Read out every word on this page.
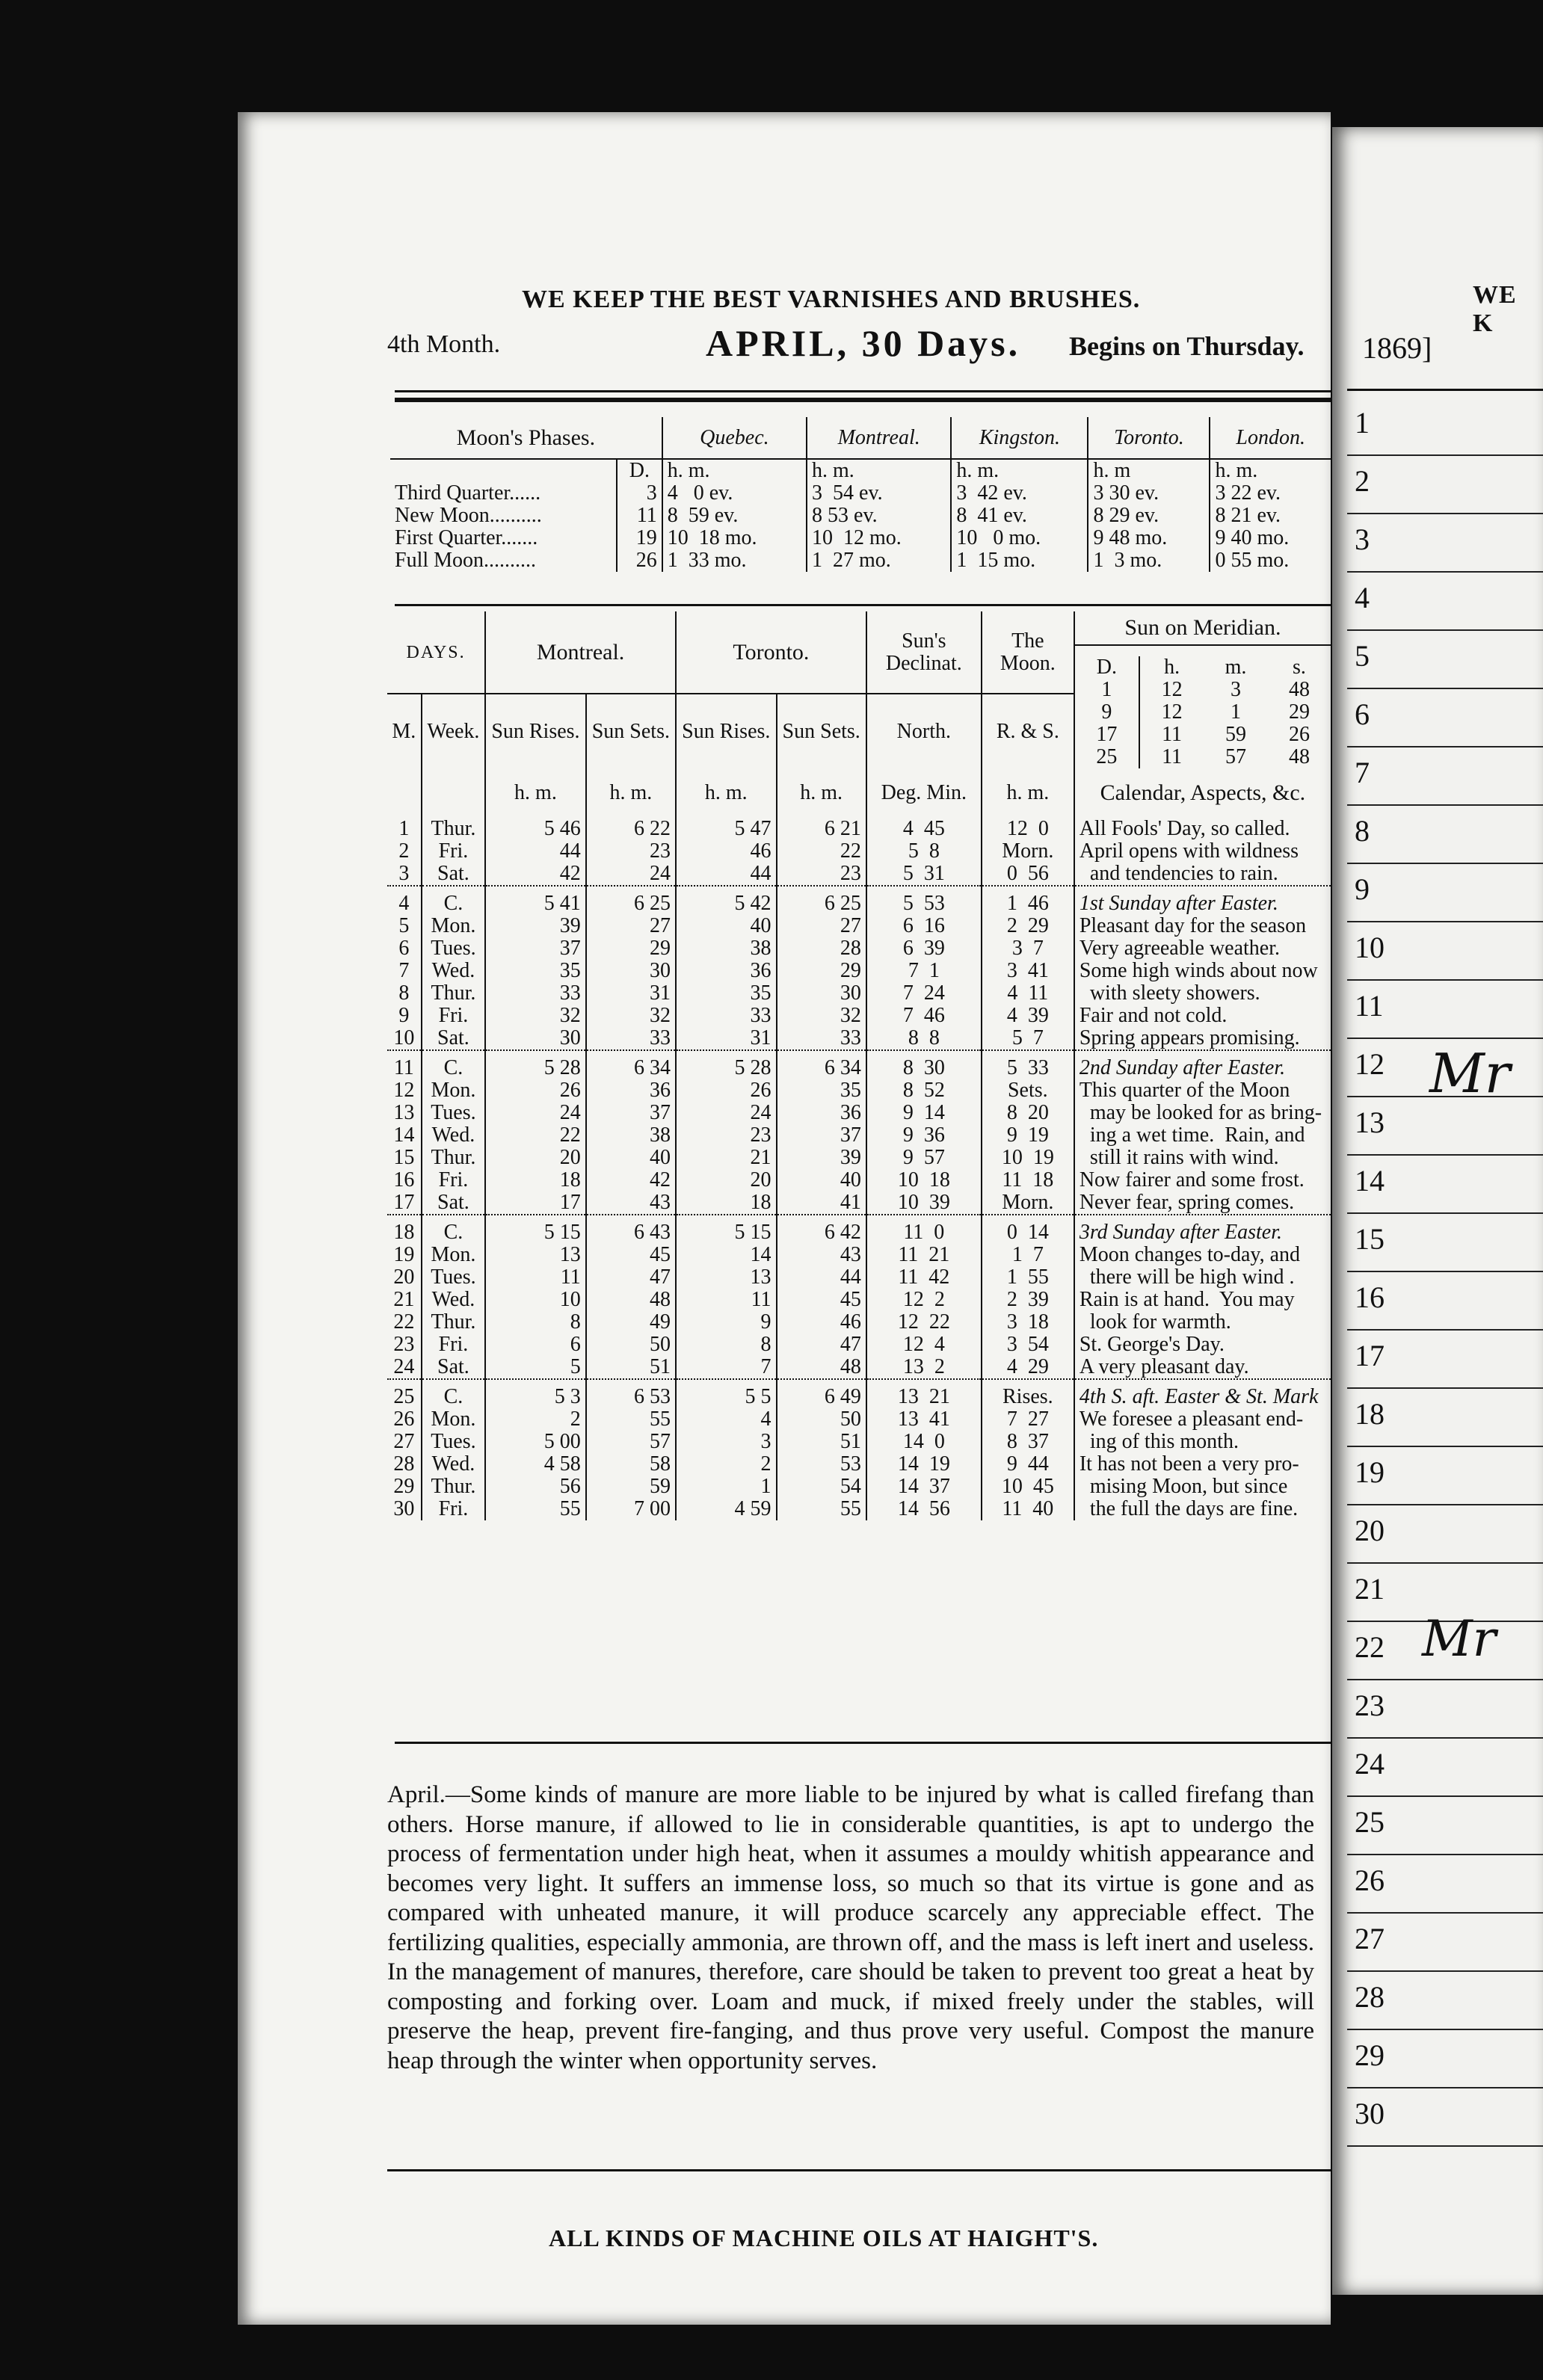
WE KEEP THE BEST VARNISHES AND BRUSHES.
4th Month.	APRIL, 30 Days. Begins on Thursday.
Moon's Phases.		Quebec.	Montreal.	Kingston.	Toronto.	London.
	D.	h. m.	h. m.	h. m.	h. m	h. m.
Third Quarter......	3	4   0 ev.	3  54 ev.	3  42 ev.	3 30 ev.	3 22 ev.
New Moon..........	11	8  59 ev.	8 53 ev.	8  41 ev.	8 29 ev.	8 21 ev.
First Quarter.......	19	10  18 mo.	10  12 mo.	10   0 mo.	9 48 mo.	9 40 mo.
Full Moon..........	26	1  33 mo.	1  27 mo.	1  15 mo.	1  3 mo.	0 55 mo.
DAYS.	Montreal.	Toronto.	Sun's Declinat.	The Moon.	
Sun on Meridian.
D.	h.	m.	s.
1	12	3	48
9	12	1	29
17	11	59	26
25	11	57	48

M.	Week.	Sun Rises.	Sun Sets.	Sun Rises.	Sun Sets.	North.	R. & S.
		h. m.	h. m.	h. m.	h. m.	Deg. Min.	h. m.	Calendar, Aspects, &c.
1	Thur.	5 46	6 22	5 47	6 21	4  45	12  0	All Fools' Day, so called.
2	Fri.	44	23	46	22	5  8	Morn.	April opens with wildness
3	Sat.	42	24	44	23	5  31	0  56	and tendencies to rain.
4	C.	5 41	6 25	5 42	6 25	5  53	1  46	1st Sunday after Easter.
5	Mon.	39	27	40	27	6  16	2  29	Pleasant day for the season
6	Tues.	37	29	38	28	6  39	3  7	Very agreeable weather.
7	Wed.	35	30	36	29	7  1	3  41	Some high winds about now
8	Thur.	33	31	35	30	7  24	4  11	with sleety showers.
9	Fri.	32	32	33	32	7  46	4  39	Fair and not cold.
10	Sat.	30	33	31	33	8  8	5  7	Spring appears promising.
11	C.	5 28	6 34	5 28	6 34	8  30	5  33	2nd Sunday after Easter.
12	Mon.	26	36	26	35	8  52	Sets.	This quarter of the Moon
13	Tues.	24	37	24	36	9  14	8  20	may be looked for as bring-
14	Wed.	22	38	23	37	9  36	9  19	ing a wet time.  Rain, and
15	Thur.	20	40	21	39	9  57	10  19	still it rains with wind.
16	Fri.	18	42	20	40	10  18	11  18	Now fairer and some frost.
17	Sat.	17	43	18	41	10  39	Morn.	Never fear, spring comes.
18	C.	5 15	6 43	5 15	6 42	11  0	0  14	3rd Sunday after Easter.
19	Mon.	13	45	14	43	11  21	1  7	Moon changes to-day, and
20	Tues.	11	47	13	44	11  42	1  55	there will be high wind .
21	Wed.	10	48	11	45	12  2	2  39	Rain is at hand.  You may
22	Thur.	8	49	9	46	12  22	3  18	look for warmth.
23	Fri.	6	50	8	47	12  4	3  54	St. George's Day.
24	Sat.	5	51	7	48	13  2	4  29	A very pleasant day.
25	C.	5 3	6 53	5 5	6 49	13  21	Rises.	4th S. aft. Easter & St. Mark
26	Mon.	2	55	4	50	13  41	7  27	We foresee a pleasant end-
27	Tues.	5 00	57	3	51	14  0	8  37	ing of this month.
28	Wed.	4 58	58	2	53	14  19	9  44	It has not been a very pro-
29	Thur.	56	59	1	54	14  37	10  45	mising Moon, but since
30	Fri.	55	7 00	4 59	55	14  56	11  40	the full the days are fine.
April.—Some kinds of manure are more liable to be injured by what is called firefang than others. Horse manure, if allowed to lie in considerable quantities, is apt to undergo the process of fermentation under high heat, when it assumes a mouldy whitish appearance and becomes very light. It suffers an immense loss, so much so that its virtue is gone and as compared with unheated manure, it will produce scarcely any appreciable effect. The fertilizing qualities, especially ammonia, are thrown off, and the mass is left inert and useless. In the management of manures, therefore, care should be taken to prevent too great a heat by composting and forking over. Loam and muck, if mixed freely under the stables, will preserve the heap, prevent fire-fanging, and thus prove very useful. Compost the manure heap through the winter when opportunity serves.
ALL KINDS OF MACHINE OILS AT HAIGHT'S.
WE K
1869]
1
2
3
4
5
6
7
8
9
10
11
12
13
14
15
16
17
18
19
20
21
22
23
24
25
26
27
28
29
30
Mr
Mr
